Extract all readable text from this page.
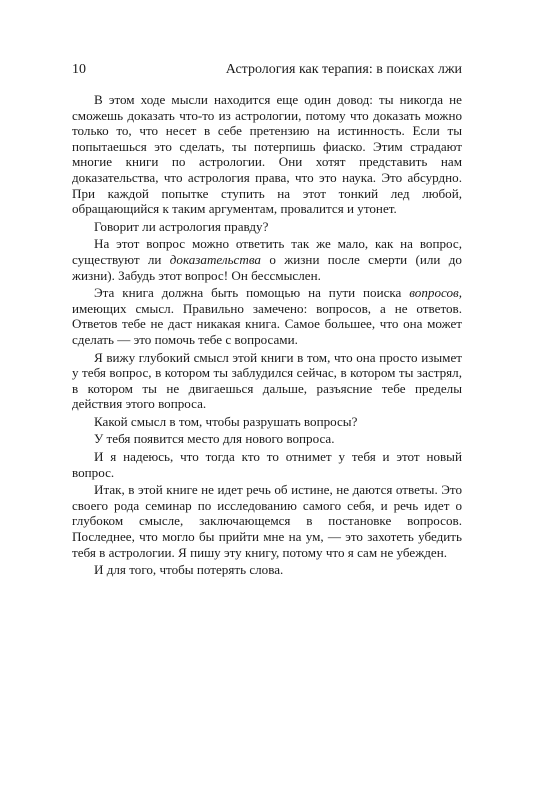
10	Астрология как терапия: в поисках лжи

В этом ходе мысли находится еще один довод: ты никогда не сможешь доказать что-то из астрологии, потому что доказать можно только то, что несет в себе претензию на истинность. Если ты попытаешься это сделать, ты потерпишь фиаско. Этим страдают многие книги по астрологии. Они хотят представить нам доказательства, что астрология права, что это наука. Это абсурдно. При каждой попытке ступить на этот тонкий лед любой, обращающийся к таким аргументам, провалится и утонет.

Говорит ли астрология правду?

На этот вопрос можно ответить так же мало, как на вопрос, существуют ли доказательства о жизни после смерти (или до жизни). Забудь этот вопрос! Он бессмыслен.

Эта книга должна быть помощью на пути поиска вопросов, имеющих смысл. Правильно замечено: вопросов, а не ответов. Ответов тебе не даст никакая книга. Самое большее, что она может сделать — это помочь тебе с вопросами.

Я вижу глубокий смысл этой книги в том, что она просто изымет у тебя вопрос, в котором ты заблудился сейчас, в котором ты застрял, в котором ты не двигаешься дальше, разъясние тебе пределы действия этого вопроса.

Какой смысл в том, чтобы разрушать вопросы?

У тебя появится место для нового вопроса.

И я надеюсь, что тогда кто то отнимет у тебя и этот новый вопрос.

Итак, в этой книге не идет речь об истине, не даются ответы. Это своего рода семинар по исследованию самого себя, и речь идет о глубоком смысле, заключающемся в постановке вопросов. Последнее, что могло бы прийти мне на ум, — это захотеть убедить тебя в астрологии. Я пишу эту книгу, потому что я сам не убежден.

И для того, чтобы потерять слова.
